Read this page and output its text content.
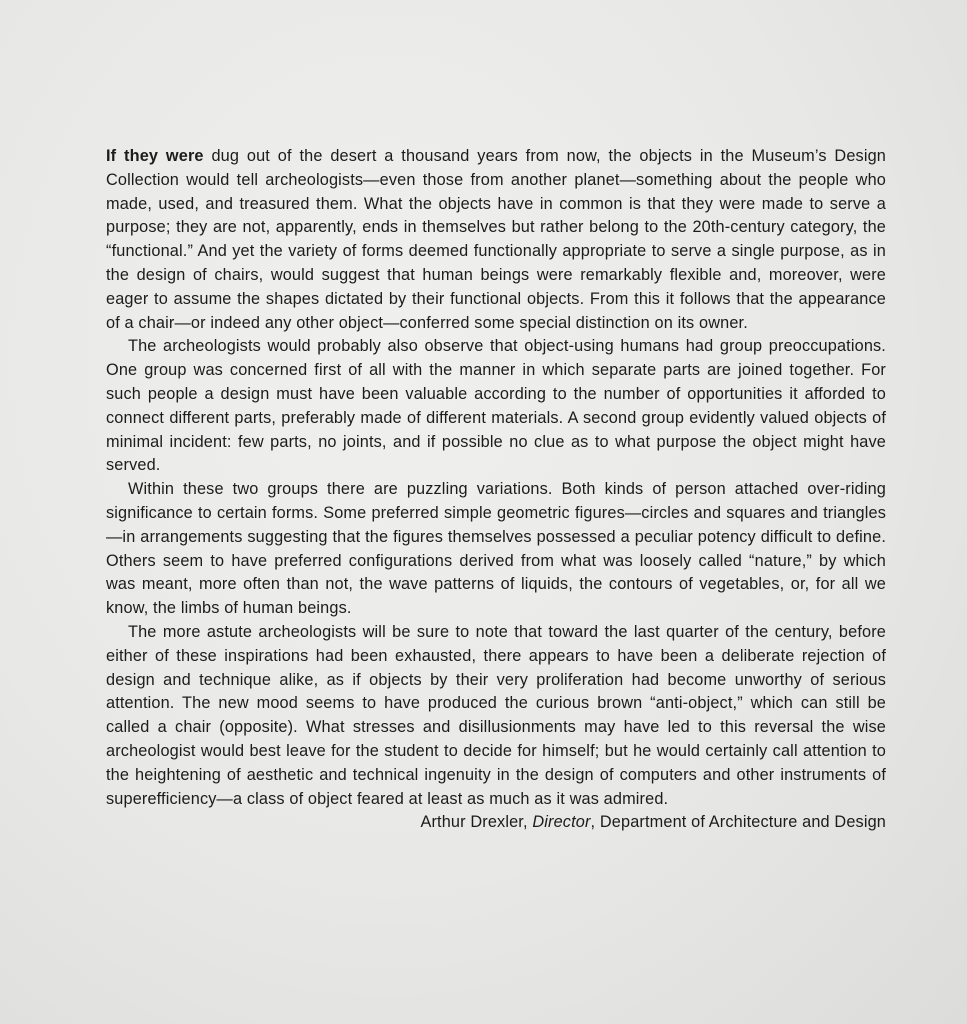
If they were dug out of the desert a thousand years from now, the objects in the Museum’s Design Collection would tell archeologists—even those from another planet—something about the people who made, used, and treasured them. What the objects have in common is that they were made to serve a purpose; they are not, apparently, ends in themselves but rather belong to the 20th-century category, the “functional.” And yet the variety of forms deemed functionally appropriate to serve a single purpose, as in the design of chairs, would suggest that human beings were remarkably flexible and, moreover, were eager to assume the shapes dictated by their functional objects. From this it follows that the appearance of a chair—or indeed any other object—conferred some special distinction on its owner.

The archeologists would probably also observe that object-using humans had group preoccupations. One group was concerned first of all with the manner in which separate parts are joined together. For such people a design must have been valuable according to the number of opportunities it afforded to connect different parts, preferably made of different materials. A second group evidently valued objects of minimal incident: few parts, no joints, and if possible no clue as to what purpose the object might have served.

Within these two groups there are puzzling variations. Both kinds of person attached over-riding significance to certain forms. Some preferred simple geometric figures—circles and squares and triangles—in arrangements suggesting that the figures themselves possessed a peculiar potency difficult to define. Others seem to have preferred configurations derived from what was loosely called “nature,” by which was meant, more often than not, the wave patterns of liquids, the contours of vegetables, or, for all we know, the limbs of human beings.

The more astute archeologists will be sure to note that toward the last quarter of the century, before either of these inspirations had been exhausted, there appears to have been a deliberate rejection of design and technique alike, as if objects by their very proliferation had become unworthy of serious attention. The new mood seems to have produced the curious brown “anti-object,” which can still be called a chair (opposite). What stresses and disillusionments may have led to this reversal the wise archeologist would best leave for the student to decide for himself; but he would certainly call attention to the heightening of aesthetic and technical ingenuity in the design of computers and other instruments of superefficiency—a class of object feared at least as much as it was admired.

Arthur Drexler, Director, Department of Architecture and Design
